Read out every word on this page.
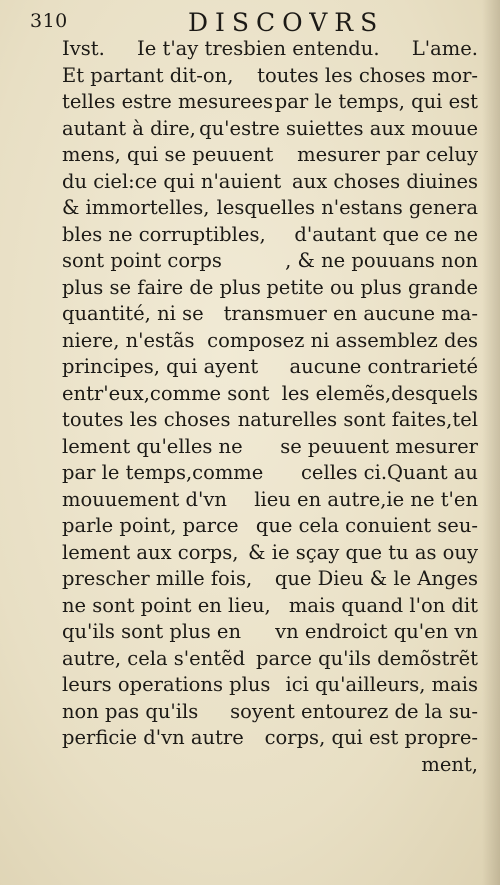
310	DISCOVRS
Ivst. Ie t'ay tresbien entendu. L'ame.
Et partant dit-on, toutes les choses mor-
telles estre mesurees par le temps, qui est
autant à dire, qu'estre suiettes aux mouue
mens, qui se peuuent mesurer par celuy
du ciel:ce qui n'auient aux choses diuines
& immortelles, lesquelles n'estans genera
bles ne corruptibles, d'autant que ce ne
sont point corps	, & ne pouuans non
plus se faire de plus petite ou plus grande
quantité, ni se transmuer en aucune ma-
niere, n'estãs composez ni assemblez des
principes, qui ayent aucune contrarieté
entr'eux,comme sont les elemẽs,desquels
toutes les choses naturelles sont faites,tel
lement qu'elles ne se peuuent mesurer
par le temps,comme celles ci.Quant au
mouuement d'vn lieu en autre,ie ne t'en
parle point, parce que cela conuient seu-
lement aux corps, & ie sçay que tu as ouy
prescher mille fois, que Dieu & le Anges
ne sont point en lieu, mais quand l'on dit
qu'ils sont plus en vn endroict qu'en vn
autre, cela s'entẽd parce qu'ils demõstrẽt
leurs operations plus ici qu'ailleurs, mais
non pas qu'ils soyent entourez de la su-
perficie d'vn autre corps, qui est propre-
ment,
